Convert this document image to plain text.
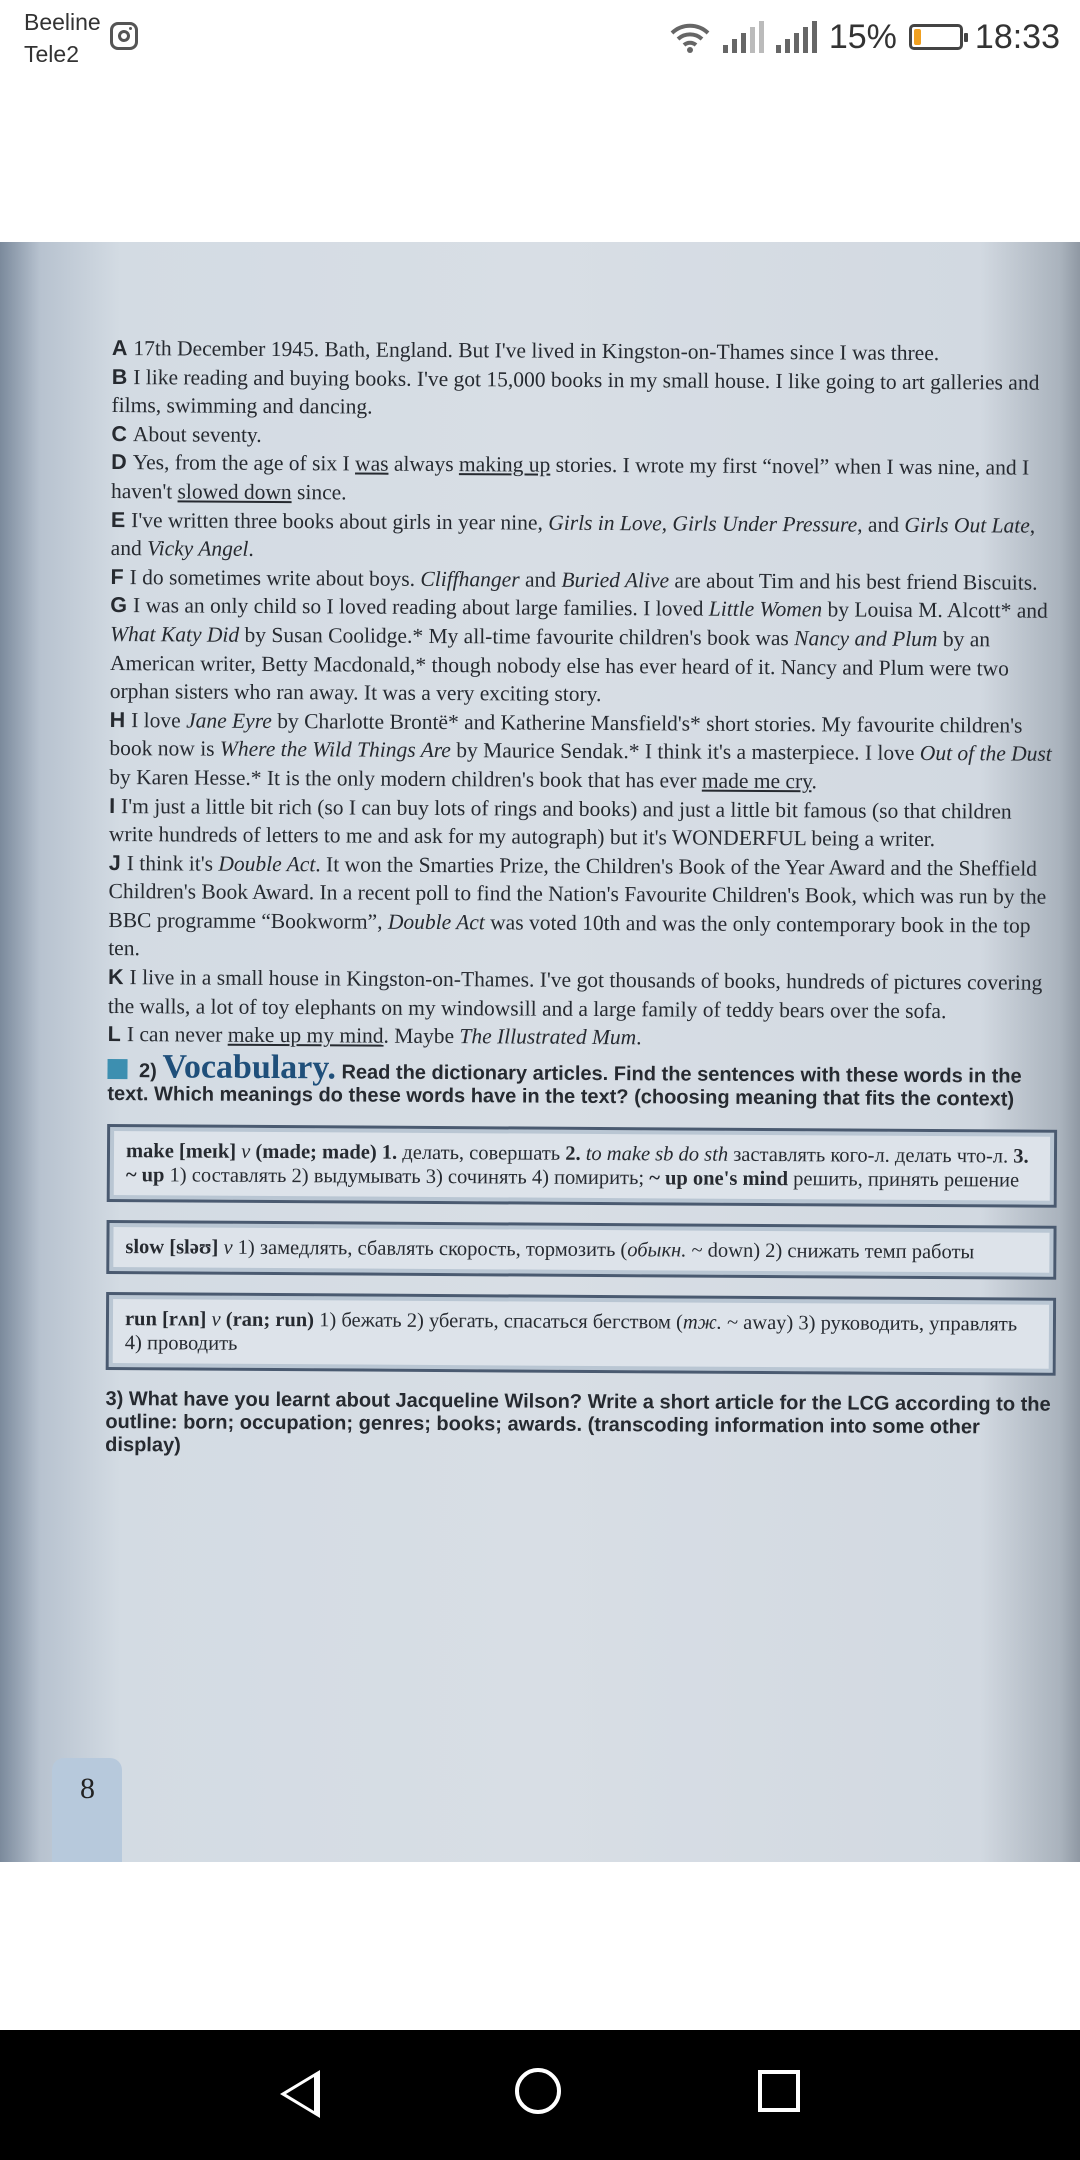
Beeline
Tele2	15% 18:33

A 17th December 1945. Bath, England. But I've lived in Kingston-on-Thames since I was three.

B I like reading and buying books. I've got 15,000 books in my small house. I like going to art galleries and films, swimming and dancing.

C About seventy.

D Yes, from the age of six I was always making up stories. I wrote my first “novel” when I was nine, and I haven't slowed down since.

E I've written three books about girls in year nine, Girls in Love, Girls Under Pressure, and Girls Out Late, and Vicky Angel.

F I do sometimes write about boys. Cliffhanger and Buried Alive are about Tim and his best friend Biscuits.

G I was an only child so I loved reading about large families. I loved Little Women by Louisa M. Alcott* and What Katy Did by Susan Coolidge.* My all-time favourite children's book was Nancy and Plum by an American writer, Betty Macdonald,* though nobody else has ever heard of it. Nancy and Plum were two orphan sisters who ran away. It was a very exciting story.

H I love Jane Eyre by Charlotte Brontë* and Katherine Mansfield's* short stories. My favourite children's book now is Where the Wild Things Are by Maurice Sendak.* I think it's a masterpiece. I love Out of the Dust by Karen Hesse.* It is the only modern children's book that has ever made me cry.

I I'm just a little bit rich (so I can buy lots of rings and books) and just a little bit famous (so that children write hundreds of letters to me and ask for my autograph) but it's WONDERFUL being a writer.

J I think it's Double Act. It won the Smarties Prize, the Children's Book of the Year Award and the Sheffield Children's Book Award. In a recent poll to find the Nation's Favourite Children's Book, which was run by the BBC programme “Bookworm”, Double Act was voted 10th and was the only contemporary book in the top ten.

K I live in a small house in Kingston-on-Thames. I've got thousands of books, hundreds of pictures covering the walls, a lot of toy elephants on my windowsill and a large family of teddy bears over the sofa.

L I can never make up my mind. Maybe The Illustrated Mum.

2) Vocabulary. Read the dictionary articles. Find the sentences with these words in the text. Which meanings do these words have in the text? (choosing meaning that fits the context)
make [meɪk] v (made; made) 1. делать, совершать 2. to make sb do sth заставлять кого-л. делать что-л. 3. ~ up 1) составлять 2) выдумывать 3) сочинять 4) помирить; ~ up one's mind решить, принять решение
slow [sləʊ] v 1) замедлять, сбавлять скорость, тормозить (обыкн. ~ down) 2) снижать темп работы
run [rʌn] v (ran; run) 1) бежать 2) убегать, спасаться бегством (тж. ~ away) 3) руководить, управлять 4) проводить
3) What have you learnt about Jacqueline Wilson? Write a short article for the LCG according to the outline: born; occupation; genres; books; awards. (transcoding information into some other display)
8
